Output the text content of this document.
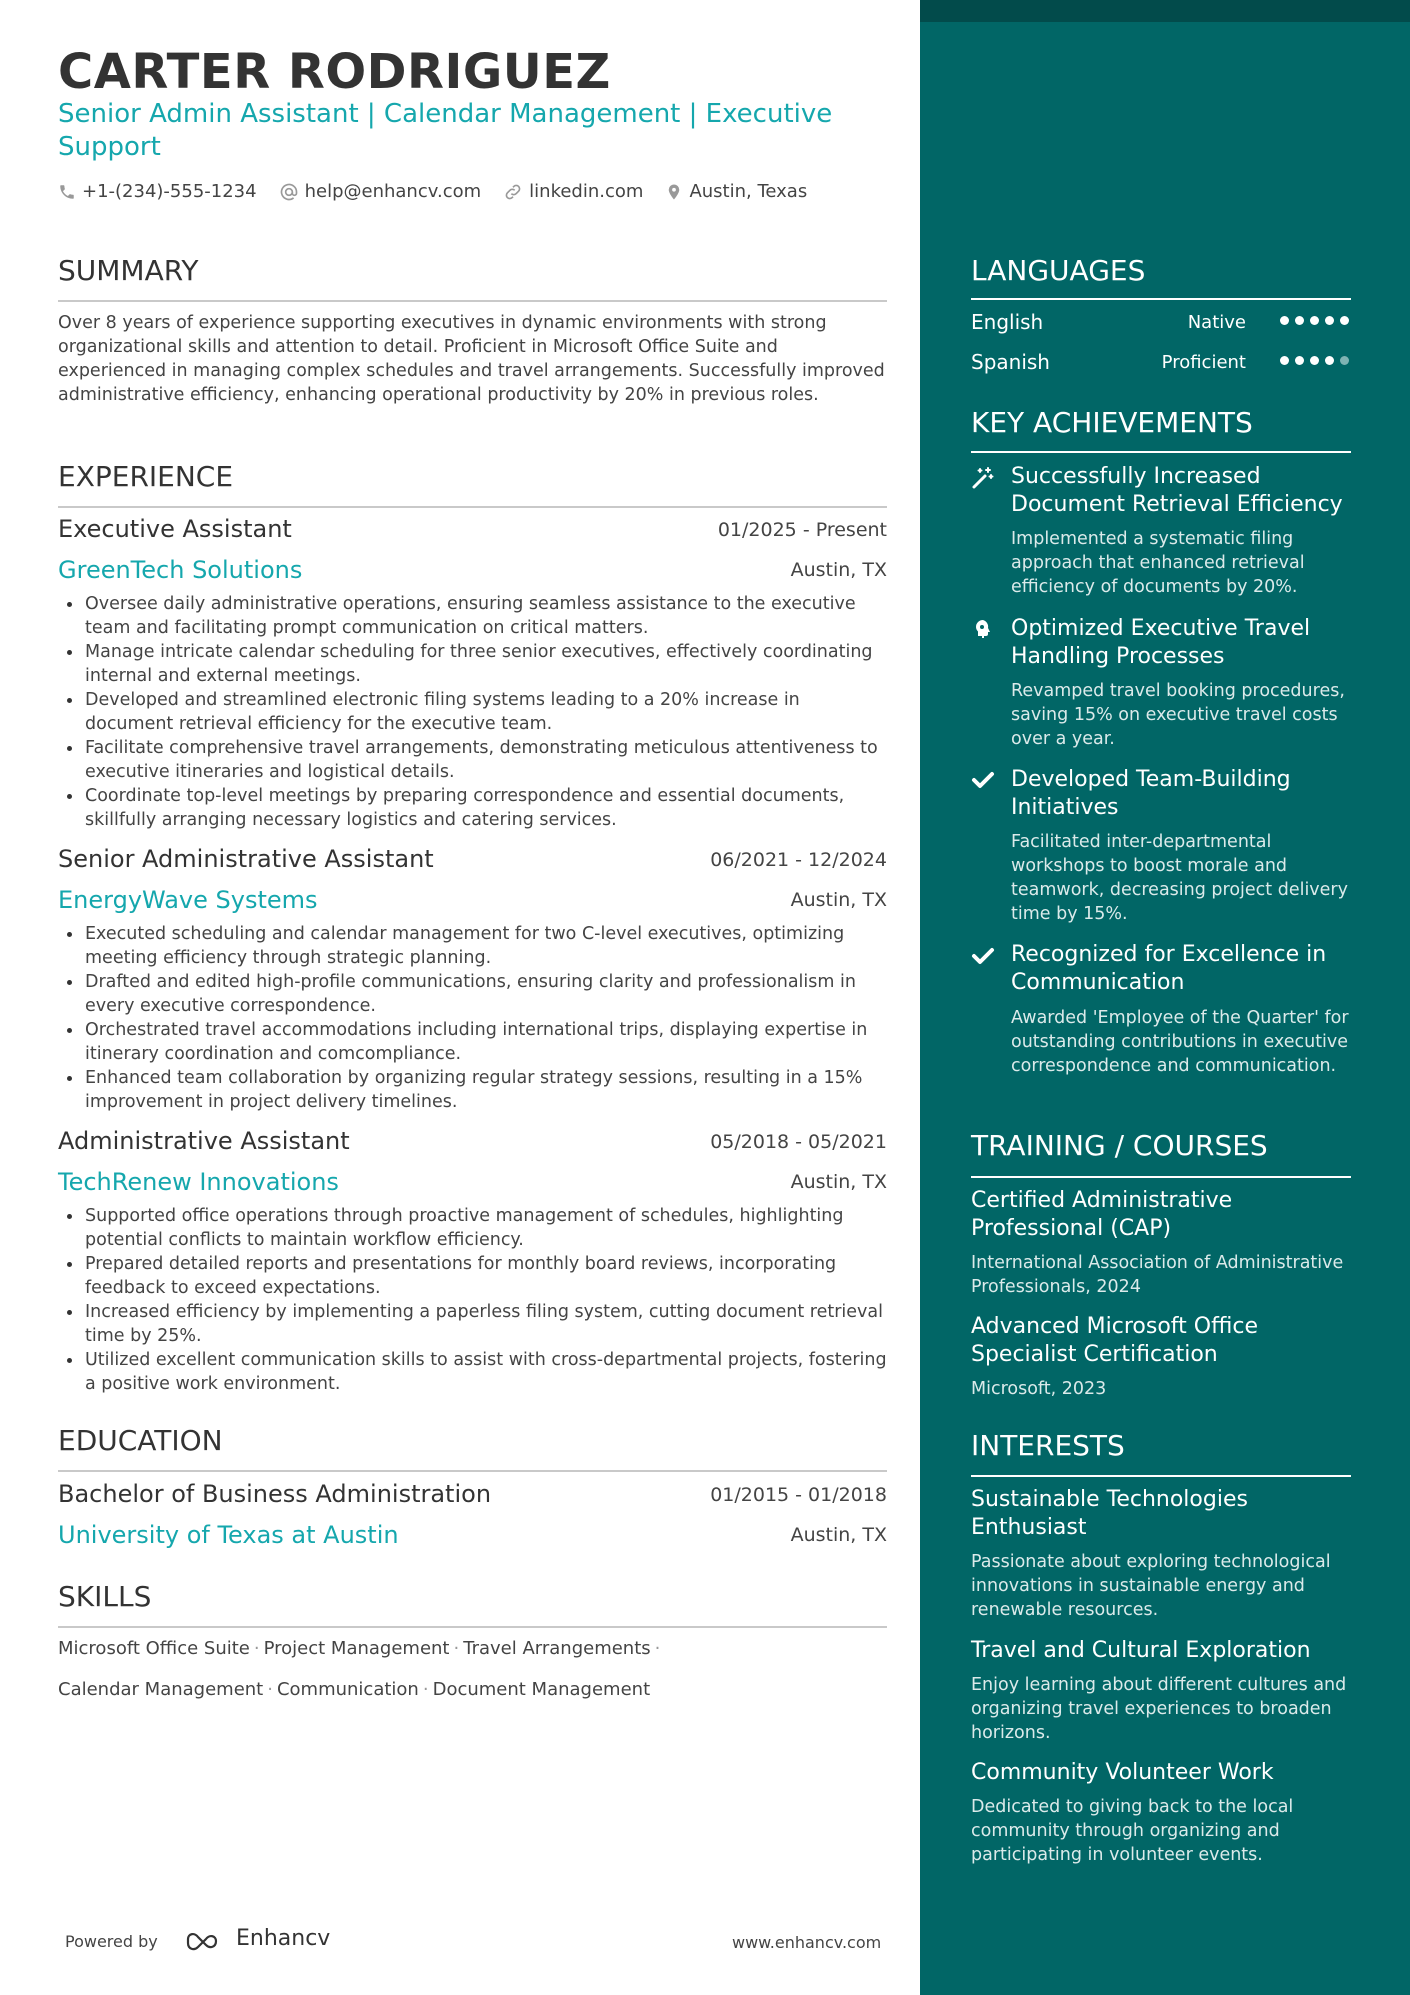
CARTER RODRIGUEZ
Senior Admin Assistant | Calendar Management | Executive Support
+1-(234)-555-1234	help@enhancv.com	linkedin.com	Austin, Texas
SUMMARY
Over 8 years of experience supporting executives in dynamic environments with strong organizational skills and attention to detail. Proficient in Microsoft Office Suite and experienced in managing complex schedules and travel arrangements. Successfully improved administrative efficiency, enhancing operational productivity by 20% in previous roles.
EXPERIENCE
Executive Assistant	01/2025 - Present
GreenTech Solutions	Austin, TX
Oversee daily administrative operations, ensuring seamless assistance to the executive team and facilitating prompt communication on critical matters.
Manage intricate calendar scheduling for three senior executives, effectively coordinating internal and external meetings.
Developed and streamlined electronic filing systems leading to a 20% increase in document retrieval efficiency for the executive team.
Facilitate comprehensive travel arrangements, demonstrating meticulous attentiveness to executive itineraries and logistical details.
Coordinate top-level meetings by preparing correspondence and essential documents, skillfully arranging necessary logistics and catering services.
Senior Administrative Assistant	06/2021 - 12/2024
EnergyWave Systems	Austin, TX
Executed scheduling and calendar management for two C-level executives, optimizing meeting efficiency through strategic planning.
Drafted and edited high-profile communications, ensuring clarity and professionalism in every executive correspondence.
Orchestrated travel accommodations including international trips, displaying expertise in itinerary coordination and comcompliance.
Enhanced team collaboration by organizing regular strategy sessions, resulting in a 15% improvement in project delivery timelines.
Administrative Assistant	05/2018 - 05/2021
TechRenew Innovations	Austin, TX
Supported office operations through proactive management of schedules, highlighting potential conflicts to maintain workflow efficiency.
Prepared detailed reports and presentations for monthly board reviews, incorporating feedback to exceed expectations.
Increased efficiency by implementing a paperless filing system, cutting document retrieval time by 25%.
Utilized excellent communication skills to assist with cross-departmental projects, fostering a positive work environment.
EDUCATION
Bachelor of Business Administration	01/2015 - 01/2018
University of Texas at Austin	Austin, TX
SKILLS
Microsoft Office Suite · Project Management · Travel Arrangements ·
Calendar Management · Communication · Document Management
Powered by	Enhancv	www.enhancv.com
LANGUAGES
English	Native
Spanish	Proficient
KEY ACHIEVEMENTS
Successfully Increased Document Retrieval Efficiency
Implemented a systematic filing approach that enhanced retrieval efficiency of documents by 20%.
Optimized Executive Travel Handling Processes
Revamped travel booking procedures, saving 15% on executive travel costs over a year.
Developed Team-Building Initiatives
Facilitated inter-departmental workshops to boost morale and teamwork, decreasing project delivery time by 15%.
Recognized for Excellence in Communication
Awarded 'Employee of the Quarter' for outstanding contributions in executive correspondence and communication.
TRAINING / COURSES
Certified Administrative Professional (CAP)
International Association of Administrative Professionals, 2024
Advanced Microsoft Office Specialist Certification
Microsoft, 2023
INTERESTS
Sustainable Technologies Enthusiast
Passionate about exploring technological innovations in sustainable energy and renewable resources.
Travel and Cultural Exploration
Enjoy learning about different cultures and organizing travel experiences to broaden horizons.
Community Volunteer Work
Dedicated to giving back to the local community through organizing and participating in volunteer events.
